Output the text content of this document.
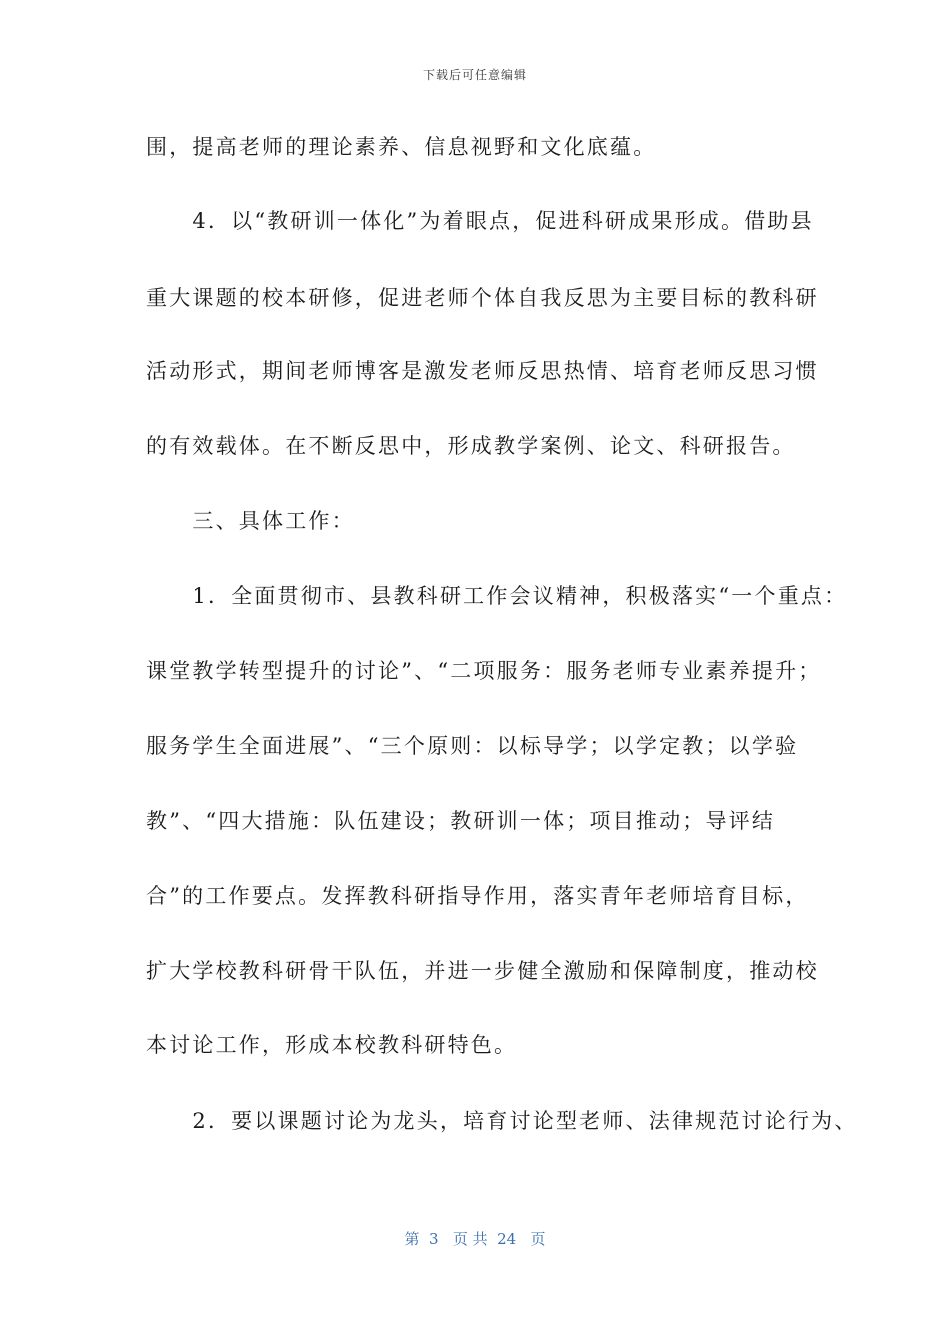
下载后可任意编辑
围，提高老师的理论素养、信息视野和文化底蕴。
　　4．以“教研训一体化”为着眼点，促进科研成果形成。借助县
重大课题的校本研修，促进老师个体自我反思为主要目标的教科研
活动形式，期间老师博客是激发老师反思热情、培育老师反思习惯
的有效载体。在不断反思中，形成教学案例、论文、科研报告。
　　三、具体工作：
　　1．全面贯彻市、县教科研工作会议精神，积极落实“一个重点：
课堂教学转型提升的讨论”、“二项服务：服务老师专业素养提升；
服务学生全面进展”、“三个原则：以标导学；以学定教；以学验
教”、“四大措施：队伍建设；教研训一体；项目推动；导评结
合”的工作要点。发挥教科研指导作用，落实青年老师培育目标，
扩大学校教科研骨干队伍，并进一步健全激励和保障制度，推动校
本讨论工作，形成本校教科研特色。
　　2．要以课题讨论为龙头，培育讨论型老师、法律规范讨论行为、
第  3   页 共  24   页
